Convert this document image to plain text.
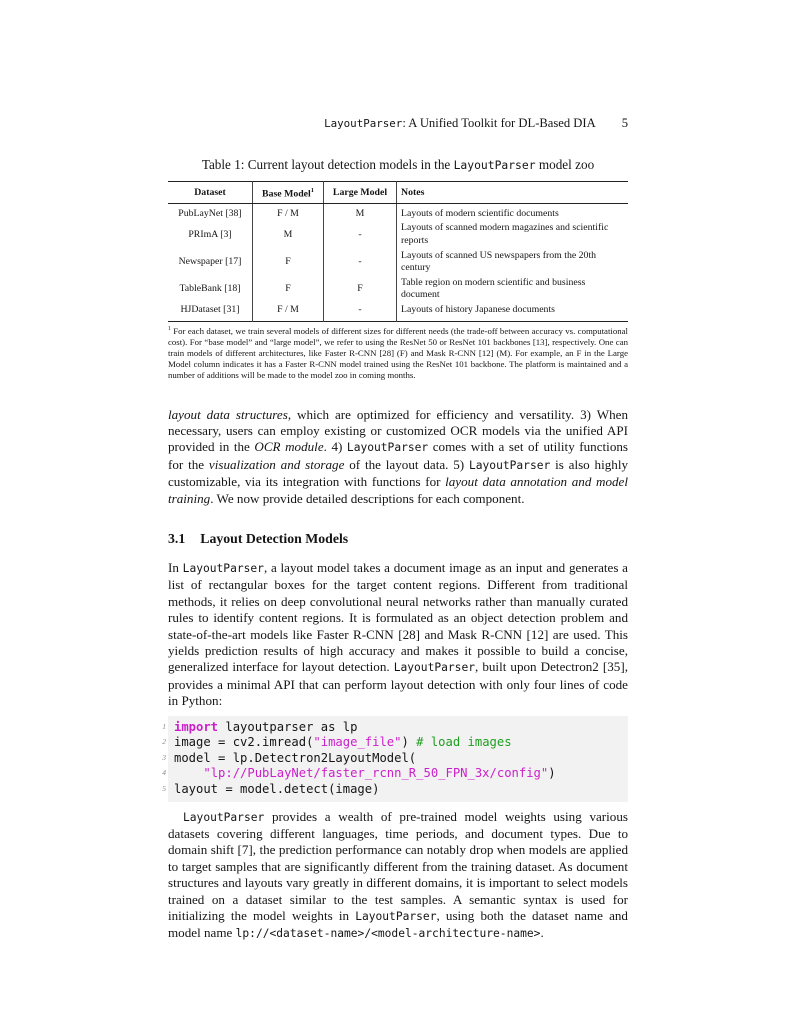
LayoutParser: A Unified Toolkit for DL-Based DIA 5
Table 1: Current layout detection models in the LayoutParser model zoo
Dataset	Base Model$^1$	Large Model	Notes
PubLayNet [38]	F / M	M	Layouts of modern scientific documents
PRImA [3]	M	-	Layouts of scanned modern magazines and scientific reports
Newspaper [17]	F	-	Layouts of scanned US newspapers from the 20th century
TableBank [18]	F	F	Table region on modern scientific and business document
HJDataset [31]	F / M	-	Layouts of history Japanese documents
$^1$ For each dataset, we train several models of different sizes for different needs (the trade-off between accuracy vs. computational cost). For “base model” and “large model”, we refer to using the ResNet 50 or ResNet 101 backbones [13], respectively. One can train models of different architectures, like Faster R-CNN [28] (F) and Mask R-CNN [12] (M). For example, an F in the Large Model column indicates it has a Faster R-CNN model trained using the ResNet 101 backbone. The platform is maintained and a number of additions will be made to the model zoo in coming months.

layout data structures, which are optimized for efficiency and versatility. 3) When necessary, users can employ existing or customized OCR models via the unified API provided in the OCR module. 4) LayoutParser comes with a set of utility functions for the visualization and storage of the layout data. 5) LayoutParser is also highly customizable, via its integration with functions for layout data annotation and model training. We now provide detailed descriptions for each component.

3.1 Layout Detection Models

In LayoutParser, a layout model takes a document image as an input and generates a list of rectangular boxes for the target content regions. Different from traditional methods, it relies on deep convolutional neural networks rather than manually curated rules to identify content regions. It is formulated as an object detection problem and state-of-the-art models like Faster R-CNN [28] and Mask R-CNN [12] are used. This yields prediction results of high accuracy and makes it possible to build a concise, generalized interface for layout detection. LayoutParser, built upon Detectron2 [35], provides a minimal API that can perform layout detection with only four lines of code in Python:

1 import layoutparser as lp
2 image = cv2.imread("image_file") # load images
3 model = lp.Detectron2LayoutModel(
4	"lp://PubLayNet/faster_rcnn_R_50_FPN_3x/config")
5 layout = model.detect(image)

LayoutParser provides a wealth of pre-trained model weights using various datasets covering different languages, time periods, and document types. Due to domain shift [7], the prediction performance can notably drop when models are applied to target samples that are significantly different from the training dataset. As document structures and layouts vary greatly in different domains, it is important to select models trained on a dataset similar to the test samples. A semantic syntax is used for initializing the model weights in LayoutParser, using both the dataset name and model name lp://<dataset-name>/<model-architecture-name>.
